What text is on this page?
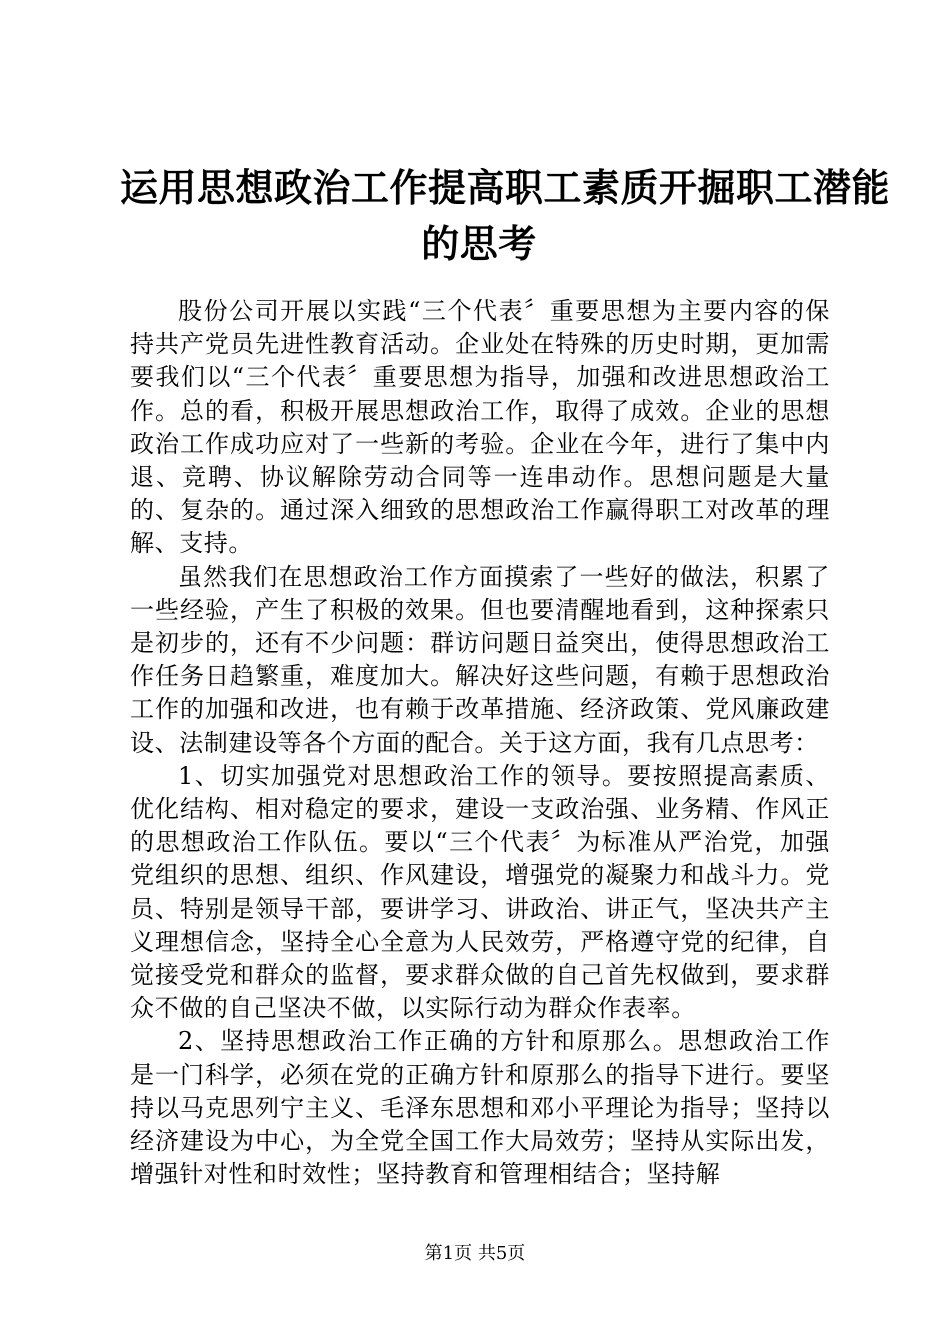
运用思想政治工作提高职工素质开掘职工潜能
的思考

股份公司开展以实践“三个代表〞重要思想为主要内容的保持共产党员先进性教育活动。企业处在特殊的历史时期，更加需要我们以“三个代表〞重要思想为指导，加强和改进思想政治工作。总的看，积极开展思想政治工作，取得了成效。企业的思想政治工作成功应对了一些新的考验。企业在今年，进行了集中内退、竞聘、协议解除劳动合同等一连串动作。思想问题是大量的、复杂的。通过深入细致的思想政治工作赢得职工对改革的理解、支持。

虽然我们在思想政治工作方面摸索了一些好的做法，积累了一些经验，产生了积极的效果。但也要清醒地看到，这种探索只是初步的，还有不少问题：群访问题日益突出，使得思想政治工作任务日趋繁重，难度加大。解决好这些问题，有赖于思想政治工作的加强和改进，也有赖于改革措施、经济政策、党风廉政建设、法制建设等各个方面的配合。关于这方面，我有几点思考：

1、切实加强党对思想政治工作的领导。要按照提高素质、优化结构、相对稳定的要求，建设一支政治强、业务精、作风正的思想政治工作队伍。要以“三个代表〞为标准从严治党，加强党组织的思想、组织、作风建设，增强党的凝聚力和战斗力。党员、特别是领导干部，要讲学习、讲政治、讲正气，坚决共产主义理想信念，坚持全心全意为人民效劳，严格遵守党的纪律，自觉接受党和群众的监督，要求群众做的自己首先权做到，要求群众不做的自己坚决不做，以实际行动为群众作表率。

2、坚持思想政治工作正确的方针和原那么。思想政治工作是一门科学，必须在党的正确方针和原那么的指导下进行。要坚持以马克思列宁主义、毛泽东思想和邓小平理论为指导；坚持以经济建设为中心，为全党全国工作大局效劳；坚持从实际出发，增强针对性和时效性；坚持教育和管理相结合；坚持解

第1页 共5页
